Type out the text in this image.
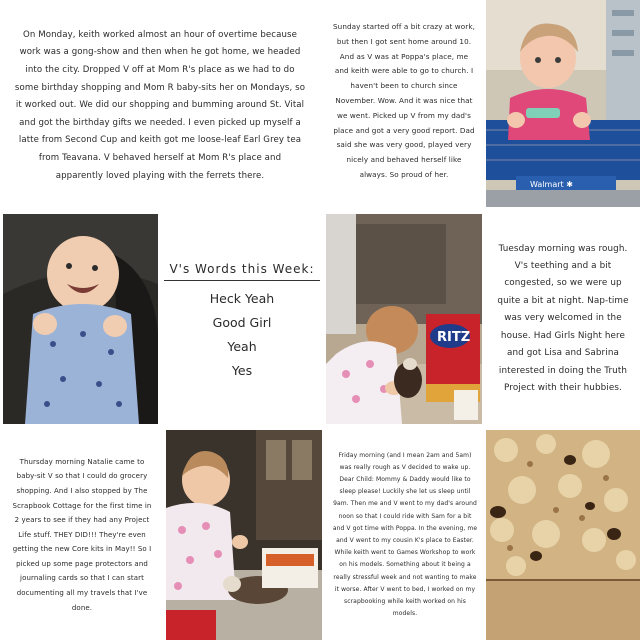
On Monday, keith worked almost an hour of overtime because work was a gong-show and then when he got home, we headed into the city. Dropped V off at Mom R's place as we had to do some birthday shopping and Mom R baby-sits her on Mondays, so it worked out. We did our shopping and bumming around St. Vital and got the birthday gifts we needed. I even picked up myself a latte from Second Cup and keith got me loose-leaf Earl Grey tea from Teavana. V behaved herself at Mom R's place and apparently loved playing with the ferrets there.

Sunday started off a bit crazy at work, but then I got sent home around 10. And as V was at Poppa's place, me and keith were able to go to church. I haven't been to church since November. Wow. And it was nice that we went. Picked up V from my dad's place and got a very good report. Dad said she was very good, played very nicely and behaved herself like always. So proud of her.

Walmart ✱
V's Words this Week:
Heck Yeah
Good Girl
Yeah
Yes
RITZ

Tuesday morning was rough. V's teething and a bit congested, so we were up quite a bit at night. Nap-time was very welcomed in the house. Had Girls Night here and got Lisa and Sabrina interested in doing the Truth Project with their hubbies.

Thursday morning Natalie came to baby-sit V so that I could do grocery shopping. And I also stopped by The Scrapbook Cottage for the first time in 2 years to see if they had any Project Life stuff. THEY DID!!! They're even getting the new Core kits in May!! So I picked up some page protectors and journaling cards so that I can start documenting all my travels that I've done.

Friday morning (and I mean 2am and 5am) was really rough as V decided to wake up. Dear Child: Mommy & Daddy would like to sleep please! Luckily she let us sleep until 9am. Then me and V went to my dad's around noon so that I could ride with Sam for a bit and V got time with Poppa. In the evening, me and V went to my cousin K's place to Easter. While keith went to Games Workshop to work on his models. Something about it being a really stressful week and not wanting to make it worse. After V went to bed, I worked on my scrapbooking while keith worked on his models.
